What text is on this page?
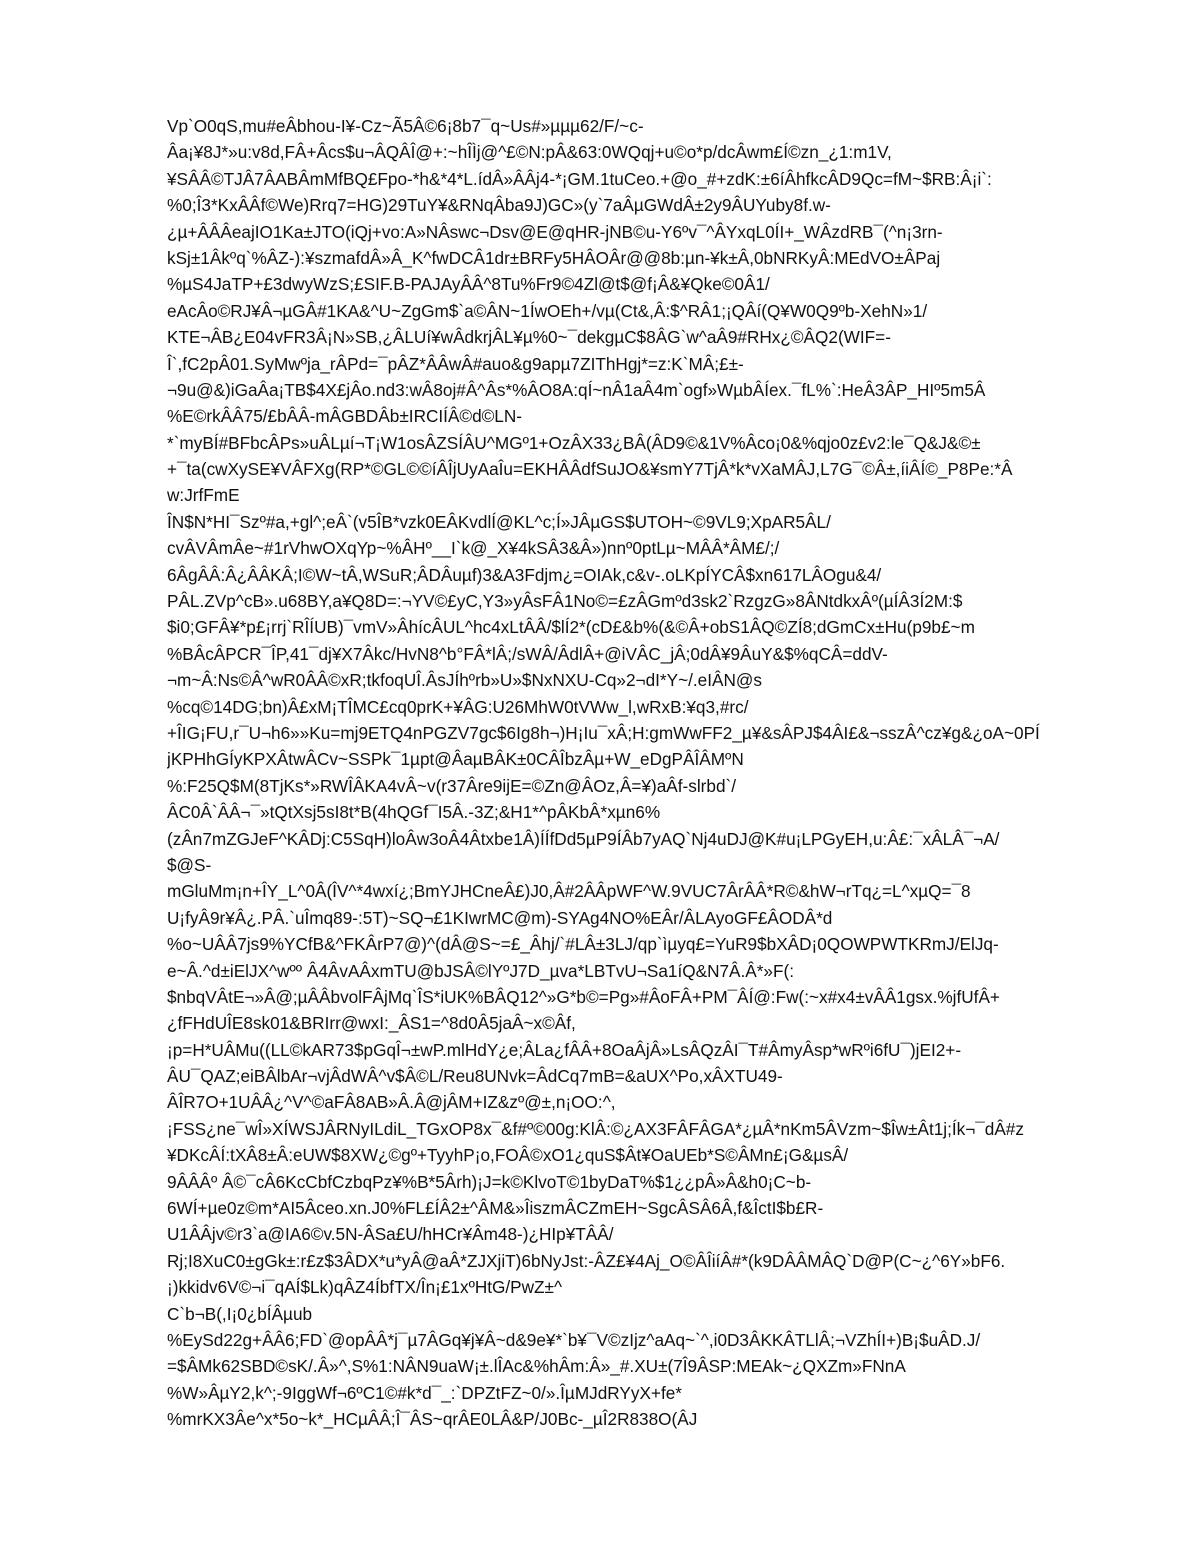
Vp`O0qS,mu#eÂbhou-I¥-Cz~Ã5Â©6¡8b7¯q~Us#»µµµ62/F/~c-
Âa¡¥8J*»u:v8d,FÂ+Âcs$u¬ÂQÂÎ@+:~hÎÌj@^£©N:pÂ&63:0WQqj+u©o*p/dcÂwm£Í©zn_¿1:m1V,
¥SÂÂ©TJÂ7ÂABÂmMfBQ£Fpo-*h&*4*L.ídÂ»ÂÂj4-*¡GM.1tuCeo.+@o_#+zdK:±6íÂhfkcÂD9Qc=fM~$RB:Â¡i`:
%0;Î3*KxÂÂf©We)Rrq7=HG)29TuY¥&RNqÂba9J)GC»(y`7aÂµGWdÂ±2y9ÂUYuby8f.w-
¿µ+ÂÂÂeajIO1Ka±JTO(iQj+vo:A»NÂswc¬Dsv@E@qHR-jNB©u-Y6ºv¯^ÂYxqL0ÍI+_WÂzdRB¯(^n¡3rn-
kSj±1Âkºq`%ÂZ-):¥szmafdÂ»Â_K^fwDCÂ1dr±BRFy5HÂOÂr@@8b:µn-¥k±Â,0bNRKyÂ:MEdVO±ÂPaj
%µS4JaTP+£3dwyWzS;£SIF.B-PAJAyÂÂ^8Tu%Fr9©4Zl@t$@f¡Â&¥Qke©0Â1/
eAcÂo©RJ¥Â¬µGÂ#1KA&^U~ZgGm$`a©ÂN~1ÍwOEh+/vµ(Ct&,Â:$^RÂ1;¡QÂí(Q¥W0Q9ºb-XehN»1/
KTE¬ÂB¿E04vFR3Â¡N»SB,¿ÂLUí¥wÂdkrjÂL¥µ%0~¯dekgµC$8ÂG`w^aÂ9#RHx¿©ÂQ2(WIF=-
Î`,fC2pÂ01.SyMwºja_rÂPd=¯pÂZ*ÂÂwÂ#auo&g9apµ7ZIThHgj*=z:K`MÂ;£±-
¬9u@&)iGaÂa¡TB$4X£jÂo.nd3:wÂ8oj#Â^Âs*%ÂO8A:qÍ~nÂ1aÂ4m`ogf»WµbÂÍex.¯fL%`:HeÂ3ÂP_HIº5m5Â
%E©rkÂÂ75/£bÂÂ-mÂGBDÂb±IRCIÍÂ©d©LN-
*`myBÍ#BFbcÂPs»uÂLµí¬T¡W1osÂZSÍÂU^MGº1+OzÂX33¿BÂ(ÂD9©&1V%Âco¡0&%qjo0z£v2:le¯Q&J&©±
+¯ta(cwXySE¥VÂFXg(RP*©GL©©íÂÎjUyAaÎu=EKHÂÂdfSuJO&¥smY7TjÂ*k*vXaMÂJ,L7G¯©Â±,íiÂÍ©_P8Pe:*Â
w:JrfFmE
ÎN$N*HI¯Szº#a,+gl^;eÂ`(v5ÎB*vzk0EÂKvdlÍ@KL^c;Í»JÂµGS$UTOH~©9VL9;XpAR5ÂL/
cvÂVÂmÂe~#1rVhwOXqYp~%ÂHº__I`k@_X¥4kSÂ3&Â»)nnº0ptLµ~MÂÂ*ÂM£/;/
6ÂgÂÂ:Â¿ÂÂKÂ;I©W~tÂ,WSuR;ÂDÂuµf)3&A3Fdjm¿=OIAk,c&v-.oLKpÍYCÂ$xn617LÂOgu&4/
PÂL.ZVp^cB».u68BY,a¥Q8D=:¬YV©£yC,Y3»yÂsFÂ1No©=£zÂGmºd3sk2`RzgzG»8ÂNtdkxÂº(µÍÂ3Í2M:$
$i0;GFÂ¥*p£¡rrj`RÎÍUB)¯vmV»ÂhícÂUL^hc4xLtÂÂ/$lÍ2*(cD£&b%(&©Â+obS1ÂQ©ZÍ8;dGmCx±Hu(p9b£~m
%BÂcÂPCR¯ÎP,41¯dj¥X7Âkc/HvN8^b°FÂ*lÂ;/sWÂ/ÂdlÂ+@iVÂC_jÂ;0dÂ¥9ÂuY&$%qCÂ=ddV-
¬m~Â:Ns©Â^wR0ÂÂ©xR;tkfoqUÎ.ÂsJÍhºrb»U»$NxNXU-Cq»2¬dI*Y~/.eIÂN@s
%cq©14DG;bn)Â£xM¡TÎMC£cq0prK+¥ÂG:U26MhW0tVWw_l,wRxB:¥q3,#rc/
+ÎIG¡FU,r¯U¬h6»»Ku=mj9ETQ4nPGZV7gc$6Ig8h¬)H¡Iu¯xÂ;H:gmWwFF2_µ¥&sÂPJ$4ÂI£&¬sszÂ^cz¥g&¿oA~0PÍ
jKPHhGÍyKPXÂtwÂCv~SSPk¯1µpt@ÂaµBÂK±0CÂÎbzÂµ+W_eDgPÂÎÂMºN
%:F25Q$M(8TjKs*»RWÎÂKA4vÂ~v(r37Âre9ijE=©Zn@ÂOz,Â=¥)aÂf-slrbd`/
ÂC0Â`ÂÂ¬¯»tQtXsj5sI8t*B(4hQGf¯I5Â.-3Z;&H1*^pÂKbÂ*xµn6%
(zÂn7mZGJeF^KÂDj:C5SqH)loÂw3oÂ4Âtxbe1Â)ÍÍfDd5µP9ÍÂb7yAQ`Nj4uDJ@K#u¡LPGyEH,u:Â£:¯xÂLÂ¯¬A/
$@S-
mGluMm¡n+ÎY_L^0Â(ÎV^*4wxí¿;BmYJHCneÂ£)J0,Â#2ÂÂpWF^W.9VUC7ÂrÂÂ*R©&hW¬rTq¿=L^xµQ=¯8
U¡fyÂ9r¥Â¿.PÂ.`uÎmq89-:5T)~SQ¬£1KIwrMC@m)-SYAg4NO%EÂr/ÂLAyoGF£ÂODÂ*d
%o~UÂÂ7js9%YCfB&^FKÂrP7@)^(dÂ@S~=£_Âhj/`#LÂ±3LJ/qp`ìµyq£=YuR9$bXÂD¡0QOWPWTKRmJ/ElJq-
e~Â.^d±iElJX^wºº Â4ÂvAÂxmTU@bJSÂ©lYºJ7D_µva*LBTvU¬Sa1íQ&N7Â.Â*»F(:
$nbqVÂtE¬»Â@;µÂÂbvolFÂjMq`ÎS*iUK%BÂQ12^»G*b©=Pg»#ÂoFÂ+PM¯ÂÍ@:Fw(:~x#x4±vÂÂ1gsx.%jfUfÂ+
¿fFHdUÎE8sk01&BRIrr@wxI:_ÂS1=^8d0Â5jaÂ~x©Âf,
¡p=H*UÂMu((LL©kAR73$pGqÎ¬±wP.mlHdY¿e;ÂLa¿fÂÂ+8OaÂjÂ»LsÂQzÂI¯T#ÂmyÂsp*wRºi6fU¯)jEI2+-
ÂU¯QAZ;eiBÂlbAr¬vjÂdWÂ^v$Â©L/Reu8UNvk=ÂdCq7mB=&aUX^Po,xÂXTU49-
ÂÎR7O+1UÂÂ¿^V^©aFÂ8AB»Â.Â@jÂM+IZ&zº@±,n¡OO:^,
¡FSS¿ne¯wÎ»XÍWSJÂRNyILdiL_TGxOP8x¯&f#º©00g:KlÂ:©¿AX3FÂFÂGA*¿µÂ*nKm5ÂVzm~$Îw±Ât1j;Ík¬¯dÂ#z
¥DKcÂÍ:tXÂ8±Â:eUW$8XW¿©gº+TyyhP¡o,FOÂ©xO1¿quS$Ât¥OaUEb*S©ÂMn£¡G&µsÂ/
9ÂÂÂº Â©¯cÂ6KcCbfCzbqPz¥%B*5Ârh)¡J=k©KlvoT©1byDaT%$1¿¿pÂ»Â&h0¡C~b-
6WÍ+µe0z©m*AI5Âceo.xn.J0%FL£ÍÂ2±^ÂM&»ÎiszmÂCZmEH~SgcÂSÂ6Â,f&ÎctI$b£R-
U1ÂÂjv©r3`a@IA6©v.5N-ÂSa£U/hHCr¥Âm48-)¿HIp¥TÂÂ/
Rj;I8XuC0±gGk±:r£z$3ÂDX*u*yÂ@aÂ*ZJXjiT)6bNyJst:-ÂZ£¥4Aj_O©ÂÎiíÂ#*(k9DÂÂMÂQ`D@P(C~¿^6Y»bF6.
¡)kkidv6V©¬i¯qAÍ$Lk)qÂZ4ÍbfTX/În¡£1xºHtG/PwZ±^
C`b¬B(,I¡0¿bÍÂµub
%EySd22g+ÂÂ6;FD`@opÂÂ*j¯µ7ÂGq¥j¥Â~d&9e¥*`b¥¯V©zIjz^aAq~`^,i0D3ÂKKÂTLlÂ;¬VZhÍI+)B¡$uÂD.J/
=$ÂMk62SBD©sK/.Â»^,S%1:NÂN9uaW¡±.lÎAc&%hÂm:Â»_#.XU±(7Î9ÂSP:MEAk~¿QXZm»FNnA
%W»ÂµY2,k^;-9IggWf¬6ºC1©#k*d¯_:`DPZtFZ~0/».ÎµMJdRYyX+fe*
%mrKX3Âe^x*5o~k*_HCµÂÂ;Î¯ÂS~qrÂE0LÂ&P/J0Bc-_µÎ2R838O(ÂJ
